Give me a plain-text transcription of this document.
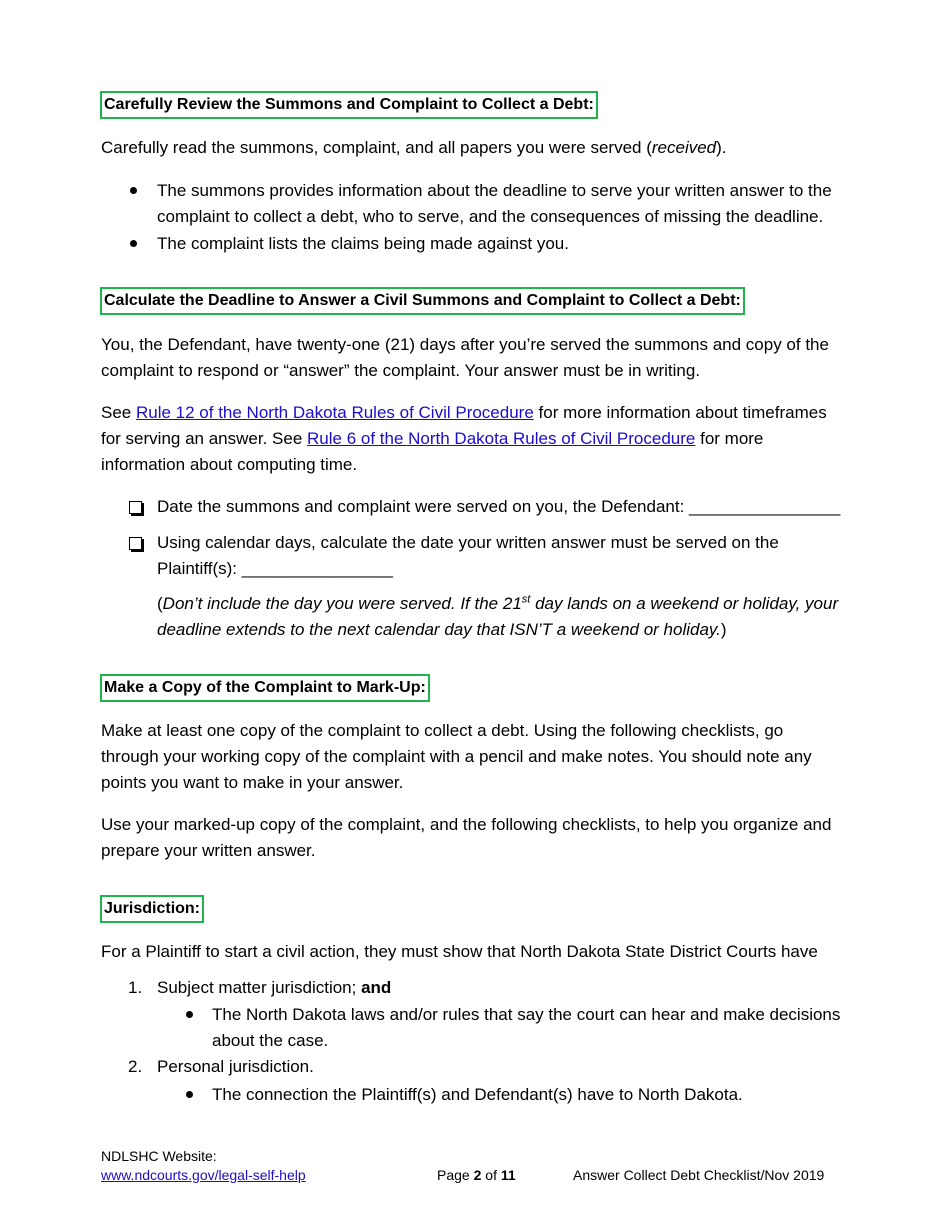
Carefully Review the Summons and Complaint to Collect a Debt:
Carefully read the summons, complaint, and all papers you were served (received).
The summons provides information about the deadline to serve your written answer to the
complaint to collect a debt, who to serve, and the consequences of missing the deadline.
The complaint lists the claims being made against you.
Calculate the Deadline to Answer a Civil Summons and Complaint to Collect a Debt:
You, the Defendant, have twenty-one (21) days after you’re served the summons and copy of the
complaint to respond or “answer” the complaint. Your answer must be in writing.
See Rule 12 of the North Dakota Rules of Civil Procedure for more information about timeframes
for serving an answer. See Rule 6 of the North Dakota Rules of Civil Procedure for more
information about computing time.
Date the summons and complaint were served on you, the Defendant: ________________
Using calendar days, calculate the date your written answer must be served on the
Plaintiff(s): ________________
(Don’t include the day you were served. If the 21st day lands on a weekend or holiday, your
deadline extends to the next calendar day that ISN’T a weekend or holiday.)
Make a Copy of the Complaint to Mark-Up:
Make at least one copy of the complaint to collect a debt. Using the following checklists, go
through your working copy of the complaint with a pencil and make notes. You should note any
points you want to make in your answer.
Use your marked-up copy of the complaint, and the following checklists, to help you organize and
prepare your written answer.
Jurisdiction:
For a Plaintiff to start a civil action, they must show that North Dakota State District Courts have
1. Subject matter jurisdiction; and
The North Dakota laws and/or rules that say the court can hear and make decisions
about the case.
2. Personal jurisdiction.
The connection the Plaintiff(s) and Defendant(s) have to North Dakota.
NDLSHC Website:
www.ndcourts.gov/legal-self-help	Page 2 of 11	Answer Collect Debt Checklist/Nov 2019
